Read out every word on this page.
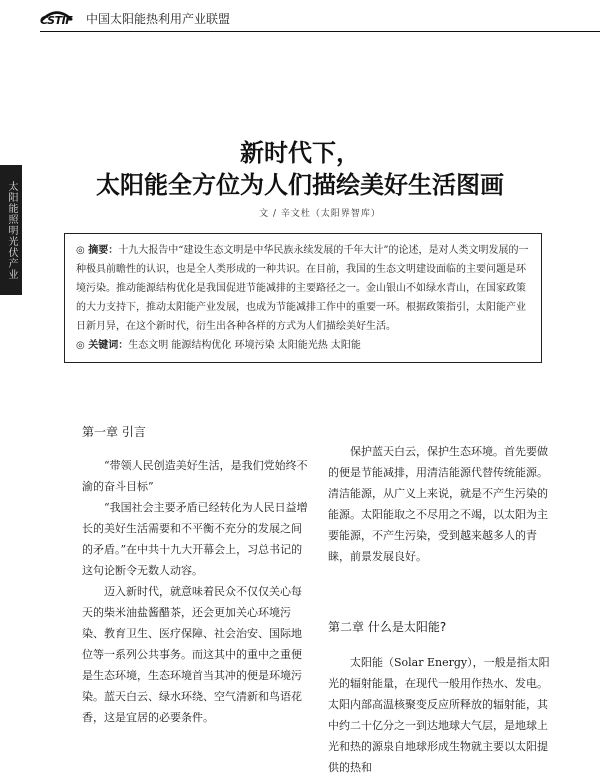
CSTIF 中国太阳能热利用产业联盟
太阳能照明光伏产业
新时代下，
太阳能全方位为人们描绘美好生活图画
文 / 辛文杜（太阳界智库）
◎ 摘要：十九大报告中“建设生态文明是中华民族永续发展的千年大计”的论述，是对人类文明发展的一种极具前瞻性的认识，也是全人类形成的一种共识。在目前，我国的生态文明建设面临的主要问题是环境污染。推动能源结构优化是我国促进节能减排的主要路径之一。金山银山不如绿水青山，在国家政策的大力支持下，推动太阳能产业发展，也成为节能减排工作中的重要一环。根据政策指引，太阳能产业日新月异，在这个新时代，衍生出各种各样的方式为人们描绘美好生活。
◎ 关键词：生态文明 能源结构优化 环境污染 太阳能光热 太阳能
第一章 引言

“带领人民创造美好生活，是我们党始终不渝的奋斗目标”

“我国社会主要矛盾已经转化为人民日益增长的美好生活需要和不平衡不充分的发展之间的矛盾。”在中共十九大开幕会上，习总书记的这句论断令无数人动容。

迈入新时代，就意味着民众不仅仅关心每天的柴米油盐酱醋茶，还会更加关心环境污染、教育卫生、医疗保障、社会治安、国际地位等一系列公共事务。而这其中的重中之重便是生态环境，生态环境首当其冲的便是环境污染。蓝天白云、绿水环绕、空气清新和鸟语花香，这是宜居的必要条件。

保护蓝天白云，保护生态环境。首先要做的便是节能减排，用清洁能源代替传统能源。清洁能源，从广义上来说，就是不产生污染的能源。太阳能取之不尽用之不竭，以太阳为主要能源，不产生污染，受到越来越多人的青睐，前景发展良好。

第二章 什么是太阳能?

太阳能（Solar Energy），一般是指太阳光的辐射能量，在现代一般用作热水、发电。太阳内部高温核聚变反应所释放的辐射能，其中约二十亿分之一到达地球大气层，是地球上光和热的源泉自地球形成生物就主要以太阳提供的热和
